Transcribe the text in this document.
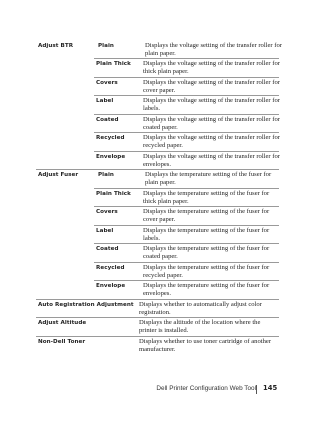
Adjust BTR	Plain	Displays the voltage setting of the transfer roller for plain paper.
Plain Thick	Displays the voltage setting of the transfer roller for thick plain paper.
Covers	Displays the voltage setting of the transfer roller for cover paper.
Label	Displays the voltage setting of the transfer roller for labels.
Coated	Displays the voltage setting of the transfer roller for coated paper.
Recycled	Displays the voltage setting of the transfer roller for recycled paper.
Envelope	Displays the voltage setting of the transfer roller for envelopes.
Adjust Fuser	Plain	Displays the temperature setting of the fuser for plain paper.
Plain Thick	Displays the temperature setting of the fuser for thick plain paper.
Covers	Displays the temperature setting of the fuser for cover paper.
Label	Displays the temperature setting of the fuser for labels.
Coated	Displays the temperature setting of the fuser for coated paper.
Recycled	Displays the temperature setting of the fuser for recycled paper.
Envelope	Displays the temperature setting of the fuser for envelopes.
Auto Registration Adjustment Displays whether to automatically adjust color registration.
Adjust Altitude	Displays the altitude of the location where the printer is installed.
Non-Dell Toner	Displays whether to use toner cartridge of another manufacturer.
Dell Printer Configuration Web Tool 145
